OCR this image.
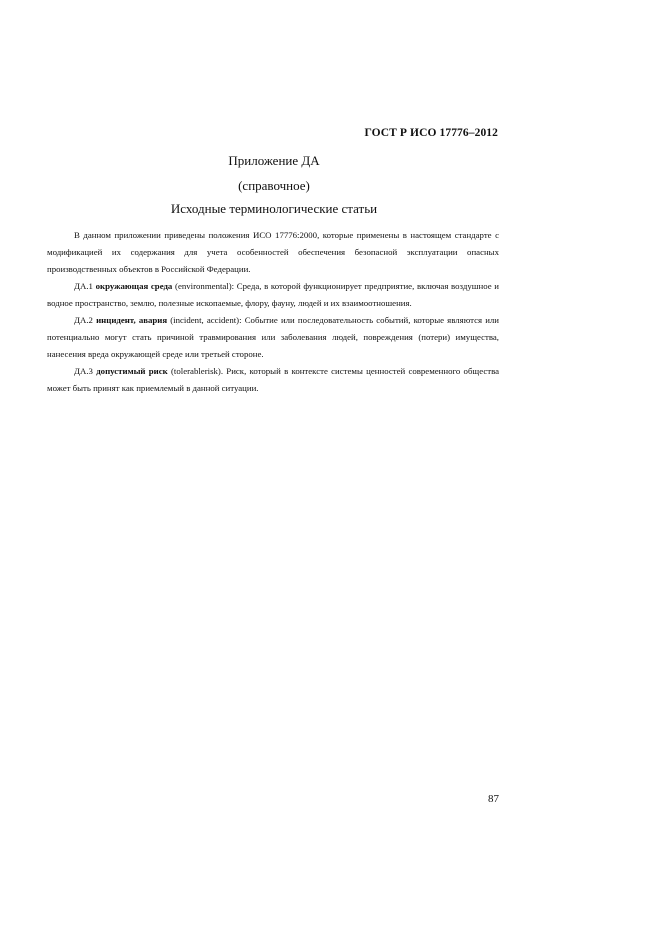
ГОСТ Р ИСО 17776–2012
Приложение ДА
(справочное)
Исходные терминологические статьи

В данном приложении приведены положения ИСО 17776:2000, которые применены в настоящем стандарте с модификацией их содержания для учета особенностей обеспечения безопасной эксплуатации опасных производственных объектов в Российской Федерации.

ДА.1 окружающая среда (environmental): Среда, в которой функционирует предприятие, включая воздушное и водное пространство, землю, полезные ископаемые, флору, фауну, людей и их взаимоотношения.

ДА.2 инцидент, авария (incident, accident): Событие или последовательность событий, которые являются или потенциально могут стать причиной травмирования или заболевания людей, повреждения (потери) имущества, нанесения вреда окружающей среде или третьей стороне.

ДА.3 допустимый риск (tolerablerisk). Риск, который в контексте системы ценностей современного общества может быть принят как приемлемый в данной ситуации.

87
